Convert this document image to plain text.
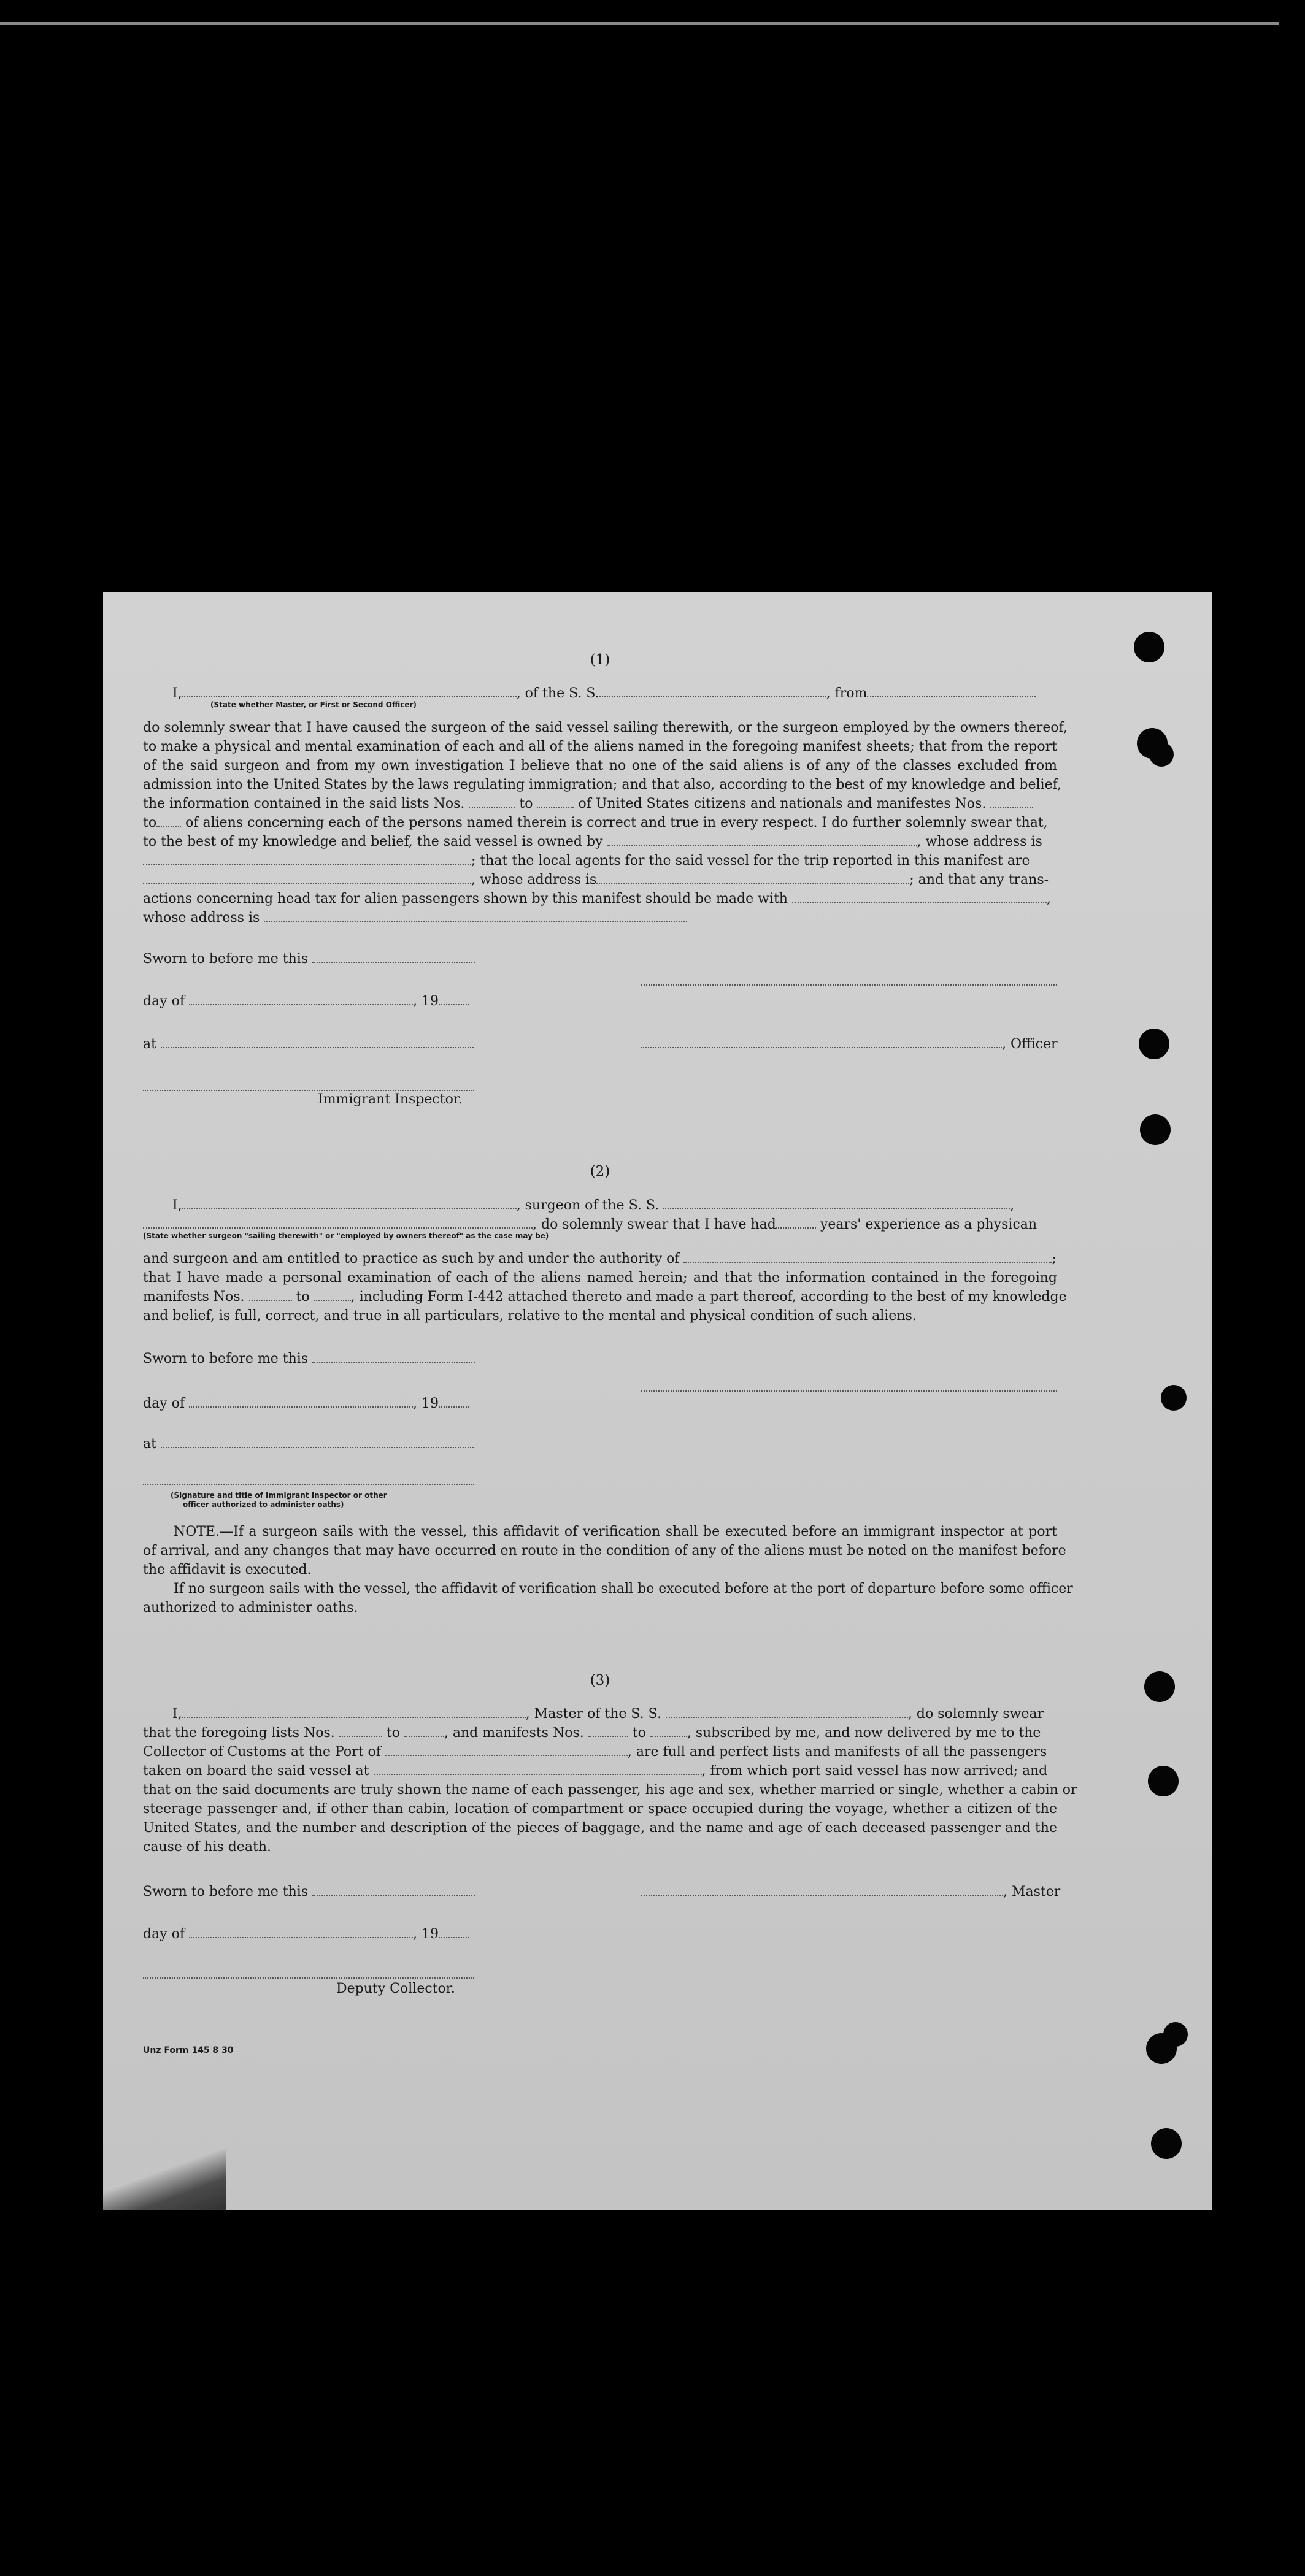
(1)
I,	, of the S. S.	, from
(State whether Master, or First or Second Officer)
do solemnly swear that I have caused the surgeon of the said vessel sailing therewith, or the surgeon employed by the owners thereof,
to make a physical and mental examination of each and all of the aliens named in the foregoing manifest sheets; that from the report
of the said surgeon and from my own investigation I believe that no one of the said aliens is of any of the classes excluded from
admission into the United States by the laws regulating immigration; and that also, according to the best of my knowledge and belief,
the information contained in the said lists Nos.	to	of United States citizens and nationals and manifestes Nos.
to of aliens concerning each of the persons named therein is correct and true in every respect. I do further solemnly swear that,
to the best of my knowledge and belief, the said vessel is owned by	, whose address is
; that the local agents for the said vessel for the trip reported in this manifest are
, whose address is	; and that any trans-
actions concerning head tax for alien passengers shown by this manifest should be made with	,
whose address is
Sworn to before me this
day of	, 19
at	, Officer
Immigrant Inspector.
(2)
I,	, surgeon of the S. S.	,
, do solemnly swear that I have had	years' experience as a physican
(State whether surgeon "sailing therewith" or "employed by owners thereof" as the case may be)
and surgeon and am entitled to practice as such by and under the authority of	;
that I have made a personal examination of each of the aliens named herein; and that the information contained in the foregoing
manifests Nos.	to	, including Form I-442 attached thereto and made a part thereof, according to the best of my knowledge
and belief, is full, correct, and true in all particulars, relative to the mental and physical condition of such aliens.
Sworn to before me this
day of	, 19
at
(Signature and title of Immigrant Inspector or other
officer authorized to administer oaths)
NOTE.—If a surgeon sails with the vessel, this affidavit of verification shall be executed before an immigrant inspector at port
of arrival, and any changes that may have occurred en route in the condition of any of the aliens must be noted on the manifest before
the affidavit is executed.
If no surgeon sails with the vessel, the affidavit of verification shall be executed before at the port of departure before some officer
authorized to administer oaths.
(3)
I,	, Master of the S. S.	, do solemnly swear
that the foregoing lists Nos.	to	, and manifests Nos.	to	, subscribed by me, and now delivered by me to the
Collector of Customs at the Port of	, are full and perfect lists and manifests of all the passengers
taken on board the said vessel at	, from which port said vessel has now arrived; and
that on the said documents are truly shown the name of each passenger, his age and sex, whether married or single, whether a cabin or
steerage passenger and, if other than cabin, location of compartment or space occupied during the voyage, whether a citizen of the
United States, and the number and description of the pieces of baggage, and the name and age of each deceased passenger and the
cause of his death.
Sworn to before me this	, Master
day of	, 19
Deputy Collector.
Unz Form 145 8 30
